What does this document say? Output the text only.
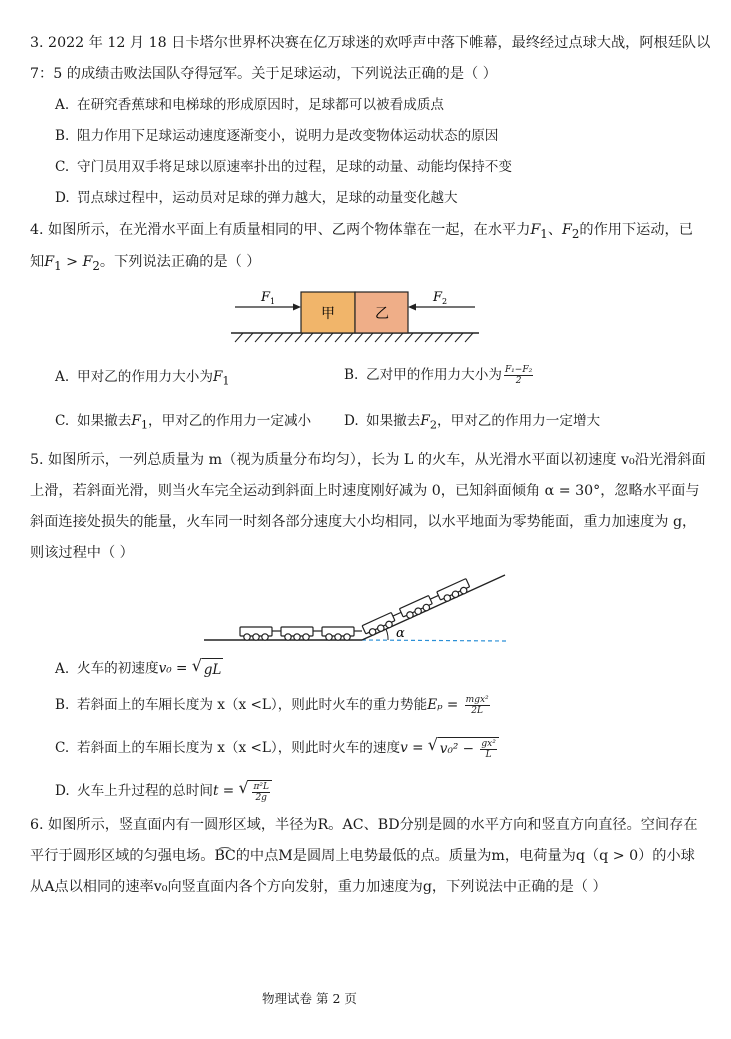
3. 2022 年 12 月 18 日卡塔尔世界杯决赛在亿万球迷的欢呼声中落下帷幕，最终经过点球大战，阿根廷队以
7：5 的成绩击败法国队夺得冠军。关于足球运动，下列说法正确的是（ ）
A. 在研究香蕉球和电梯球的形成原因时，足球都可以被看成质点
B. 阻力作用下足球运动速度逐渐变小，说明力是改变物体运动状态的原因
C. 守门员用双手将足球以原速率扑出的过程，足球的动量、动能均保持不变
D. 罚点球过程中，运动员对足球的弹力越大，足球的动量变化越大
4. 如图所示，在光滑水平面上有质量相同的甲、乙两个物体靠在一起，在水平力$F_1$、$F_2$的作用下运动，已
知$F_1 > F_2$。下列说法正确的是（ ）
甲	乙
F 1	F 2
A. 甲对乙的作用力大小为$F_1$	B. 乙对甲的作用力大小为 $\frac{\text{F₁−F₂}}{2}$
C. 如果撤去$F_1$，甲对乙的作用力一定减小 D. 如果撤去$F_2$，甲对乙的作用力一定增大
5. 如图所示，一列总质量为 m（视为质量分布均匀），长为 L 的火车，从光滑水平面以初速度 v₀沿光滑斜面
上滑，若斜面光滑，则当火车完全运动到斜面上时速度刚好减为 0，已知斜面倾角 α = 30°，忽略水平面与
斜面连接处损失的能量，火车同一时刻各部分速度大小均相同，以水平地面为零势能面，重力加速度为 g，
则该过程中（ ）
α
A. 火车的初速度v₀ = √ gL
B. 若斜面上的车厢长度为 x（x <L），则此时火车的重力势能$E_p = \frac{\text{mgx²}}{2L}$
C. 若斜面上的车厢长度为 x（x <L），则此时火车的速度v = √ $v_0^2 - \frac{\text{gx²}}{L}$
D. 火车上升过程的总时间t = √ $\frac{\text{π²L}}{2g}$
6. 如图所示，竖直面内有一圆形区域，半径为R。AC、BD分别是圆的水平方向和竖直方向直径。空间存在
平行于圆形区域的匀强电场。B͡C的中点M是圆周上电势最低的点。质量为m，电荷量为q（q > 0）的小球
从A点以相同的速率v₀向竖直面内各个方向发射，重力加速度为g，下列说法中正确的是（ ）
物理试卷 第 2 页
